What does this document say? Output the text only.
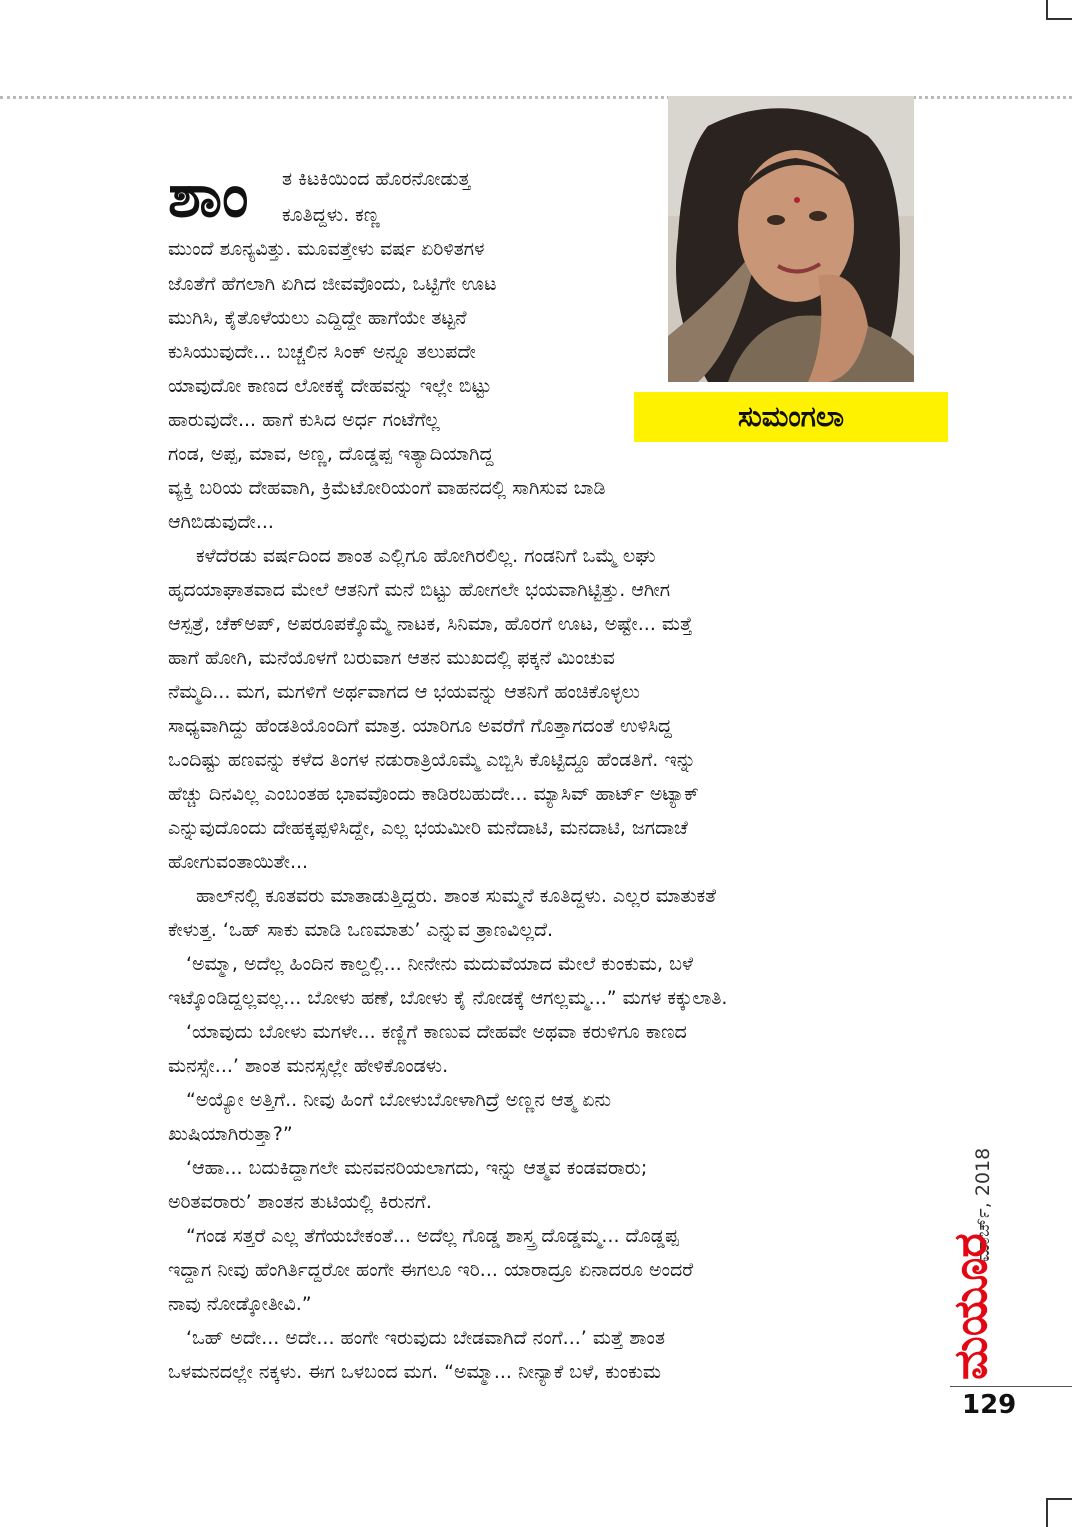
ಸುಮಂಗಲಾ
ಶಾಂ ತ ಕಿಟಕಿಯಿಂದ ಹೊರನೋಡುತ್ತ
ಕೂತಿದ್ದಳು. ಕಣ್ಣ
ಮುಂದೆ ಶೂನ್ಯವಿತ್ತು. ಮೂವತ್ತೇಳು ವರ್ಷ ಏರಿಳಿತಗಳ
ಜೊತೆಗೆ ಹೆಗಲಾಗಿ ಏಗಿದ ಜೀವವೊಂದು, ಒಟ್ಟಿಗೇ ಊಟ
ಮುಗಿಸಿ, ಕೈತೊಳೆಯಲು ಎದ್ದಿದ್ದೇ ಹಾಗೆಯೇ ತಟ್ಟನೆ
ಕುಸಿಯುವುದೇ... ಬಚ್ಚಲಿನ ಸಿಂಕ್ ಅನ್ನೂ ತಲುಪದೇ
ಯಾವುದೋ ಕಾಣದ ಲೋಕಕ್ಕೆ ದೇಹವನ್ನು ಇಲ್ಲೇ ಬಿಟ್ಟು
ಹಾರುವುದೇ... ಹಾಗೆ ಕುಸಿದ ಅರ್ಧ ಗಂಟೆಗೆಲ್ಲ
ಗಂಡ, ಅಪ್ಪ, ಮಾವ, ಅಣ್ಣ, ದೊಡ್ಡಪ್ಪ ಇತ್ಯಾದಿಯಾಗಿದ್ದ
ವ್ಯಕ್ತಿ ಬರಿಯ ದೇಹವಾಗಿ, ಕ್ರಿಮೆಟೋರಿಯಂಗೆ ವಾಹನದಲ್ಲಿ ಸಾಗಿಸುವ ಬಾಡಿ
ಆಗಿಬಿಡುವುದೇ...
ಕಳೆದೆರಡು ವರ್ಷದಿಂದ ಶಾಂತ ಎಲ್ಲಿಗೂ ಹೋಗಿರಲಿಲ್ಲ. ಗಂಡನಿಗೆ ಒಮ್ಮೆ ಲಘು
ಹೃದಯಾಘಾತವಾದ ಮೇಲೆ ಆತನಿಗೆ ಮನೆ ಬಿಟ್ಟು ಹೋಗಲೇ ಭಯವಾಗಿಟ್ಟಿತ್ತು. ಆಗೀಗ
ಆಸ್ಪತ್ರೆ, ಚೆಕ್ಅಪ್, ಅಪರೂಪಕ್ಕೊಮ್ಮೆ ನಾಟಕ, ಸಿನಿಮಾ, ಹೊರಗೆ ಊಟ, ಅಷ್ಟೇ... ಮತ್ತೆ
ಹಾಗೆ ಹೋಗಿ, ಮನೆಯೊಳಗೆ ಬರುವಾಗ ಆತನ ಮುಖದಲ್ಲಿ ಫಕ್ಕನೆ ಮಿಂಚುವ
ನೆಮ್ಮದಿ... ಮಗ, ಮಗಳಿಗೆ ಅರ್ಥವಾಗದ ಆ ಭಯವನ್ನು ಆತನಿಗೆ ಹಂಚಿಕೊಳ್ಳಲು
ಸಾಧ್ಯವಾಗಿದ್ದು ಹೆಂಡತಿಯೊಂದಿಗೆ ಮಾತ್ರ. ಯಾರಿಗೂ ಅವರೆಗೆ ಗೊತ್ತಾಗದಂತೆ ಉಳಿಸಿದ್ದ
ಒಂದಿಷ್ಟು ಹಣವನ್ನು ಕಳೆದ ತಿಂಗಳ ನಡುರಾತ್ರಿಯೊಮ್ಮೆ ಎಬ್ಬಿಸಿ ಕೊಟ್ಟಿದ್ದೂ ಹೆಂಡತಿಗೆ. ಇನ್ನು
ಹೆಚ್ಚು ದಿನವಿಲ್ಲ ಎಂಬಂತಹ ಭಾವವೊಂದು ಕಾಡಿರಬಹುದೇ... ಮ್ಯಾಸಿವ್ ಹಾರ್ಟ್ ಅಟ್ಯಾಕ್
ಎನ್ನುವುದೊಂದು ದೇಹಕ್ಕಪ್ಪಳಿಸಿದ್ದೇ, ಎಲ್ಲ ಭಯಮೀರಿ ಮನೆದಾಟಿ, ಮನದಾಟಿ, ಜಗದಾಚೆ
ಹೋಗುವಂತಾಯಿತೇ...
ಹಾಲ್‌ನಲ್ಲಿ ಕೂತವರು ಮಾತಾಡುತ್ತಿದ್ದರು. ಶಾಂತ ಸುಮ್ಮನೆ ಕೂತಿದ್ದಳು. ಎಲ್ಲರ ಮಾತುಕತೆ
ಕೇಳುತ್ತ. ‘ಒಹ್ ಸಾಕು ಮಾಡಿ ಒಣಮಾತು’ ಎನ್ನುವ ತ್ರಾಣವಿಲ್ಲದೆ.
‘ಅಮ್ಮಾ, ಅದೆಲ್ಲ ಹಿಂದಿನ ಕಾಲ್ದಲ್ಲಿ... ನೀನೇನು ಮದುವೆಯಾದ ಮೇಲೆ ಕುಂಕುಮ, ಬಳೆ
ಇಟ್ಕೊಂಡಿದ್ದಲ್ಲವಲ್ಲ... ಬೋಳು ಹಣೆ, ಬೋಳು ಕೈ ನೋಡಕ್ಕೆ ಆಗಲ್ಲಮ್ಮ...” ಮಗಳ ಕಕ್ಕುಲಾತಿ.
‘ಯಾವುದು ಬೋಳು ಮಗಳೇ... ಕಣ್ಣಿಗೆ ಕಾಣುವ ದೇಹವೇ ಅಥವಾ ಕರುಳಿಗೂ ಕಾಣದ
ಮನಸ್ಸೇ...’ ಶಾಂತ ಮನಸ್ಸಲ್ಲೇ ಹೇಳಿಕೊಂಡಳು.
“ಅಯ್ಯೋ ಅತ್ತಿಗೆ.. ನೀವು ಹಿಂಗೆ ಬೋಳುಬೋಳಾಗಿದ್ರೆ ಅಣ್ಣನ ಆತ್ಮ ಏನು
ಖುಷಿಯಾಗಿರುತ್ತಾ?”
‘ಆಹಾ... ಬದುಕಿದ್ದಾಗಲೇ ಮನವನರಿಯಲಾಗದು, ಇನ್ನು ಆತ್ಮವ ಕಂಡವರಾರು;
ಅರಿತವರಾರು’ ಶಾಂತನ ತುಟಿಯಲ್ಲಿ ಕಿರುನಗೆ.
“ಗಂಡ ಸತ್ತರೆ ಎಲ್ಲ ತೆಗೆಯಬೇಕಂತೆ... ಅದೆಲ್ಲ ಗೊಡ್ಡ ಶಾಸ್ತ್ರ ದೊಡ್ಡಮ್ಮ... ದೊಡ್ಡಪ್ಪ
ಇದ್ದಾಗ ನೀವು ಹೆಂಗಿರ್ತಿದ್ದರೋ ಹಂಗೇ ಈಗಲೂ ಇರಿ... ಯಾರಾದ್ರೂ ಏನಾದರೂ ಅಂದರೆ
ನಾವು ನೋಡ್ಕೋತೀವಿ.”
‘ಒಹ್ ಅದೇ... ಅದೇ... ಹಂಗೇ ಇರುವುದು ಬೇಡವಾಗಿದೆ ನಂಗೆ...’ ಮತ್ತೆ ಶಾಂತ
ಒಳಮನದಲ್ಲೇ ನಕ್ಕಳು. ಈಗ ಒಳಬಂದ ಮಗ. “ಅಮ್ಮಾ... ನೀನ್ಯಾಕೆ ಬಳೆ, ಕುಂಕುಮ
ಮಾರ್ಚ್, 2018
ಮಯೂರ
129
